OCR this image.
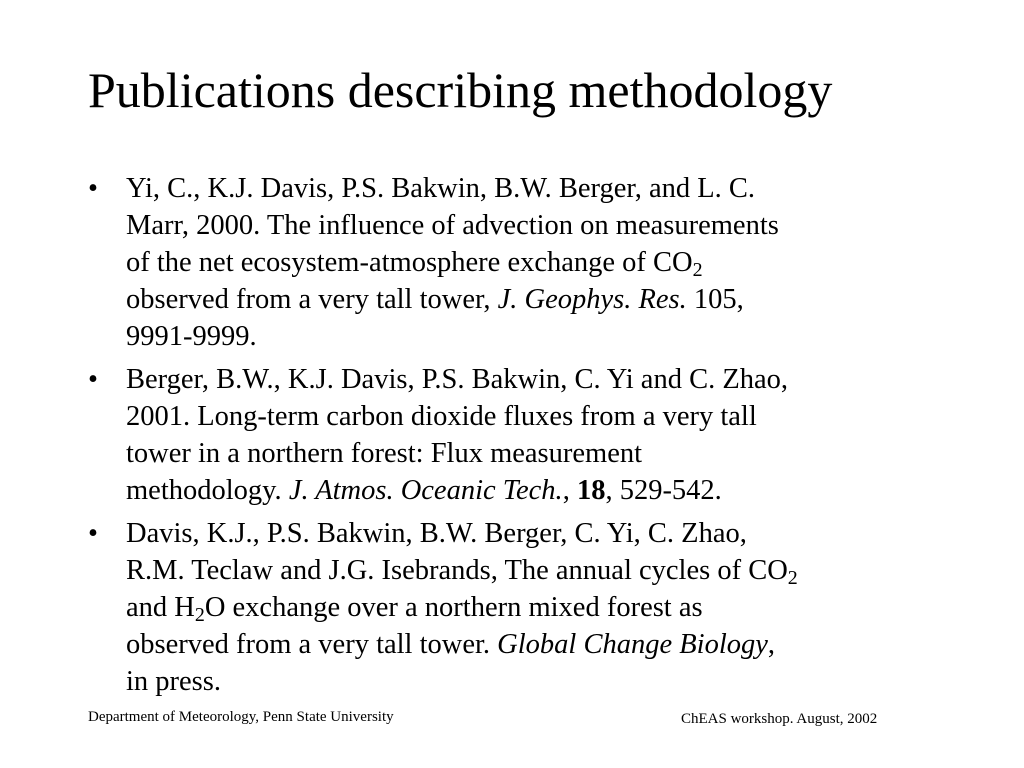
Publications describing methodology
• Yi, C., K.J. Davis, P.S. Bakwin, B.W. Berger, and L. C.
Marr, 2000. The influence of advection on measurements
of the net ecosystem-atmosphere exchange of $CO_2$
observed from a very tall tower, J. Geophys. Res. 105,
9991-9999.
• Berger, B.W., K.J. Davis, P.S. Bakwin, C. Yi and C. Zhao,
2001. Long-term carbon dioxide fluxes from a very tall
tower in a northern forest: Flux measurement
methodology. J. Atmos. Oceanic Tech., 18, 529-542.
• Davis, K.J., P.S. Bakwin, B.W. Berger, C. Yi, C. Zhao,
R.M. Teclaw and J.G. Isebrands, The annual cycles of $CO_2$
and $H_2O$ exchange over a northern mixed forest as
observed from a very tall tower. Global Change Biology,
in press.
Department of Meteorology, Penn State University	ChEAS workshop. August, 2002
